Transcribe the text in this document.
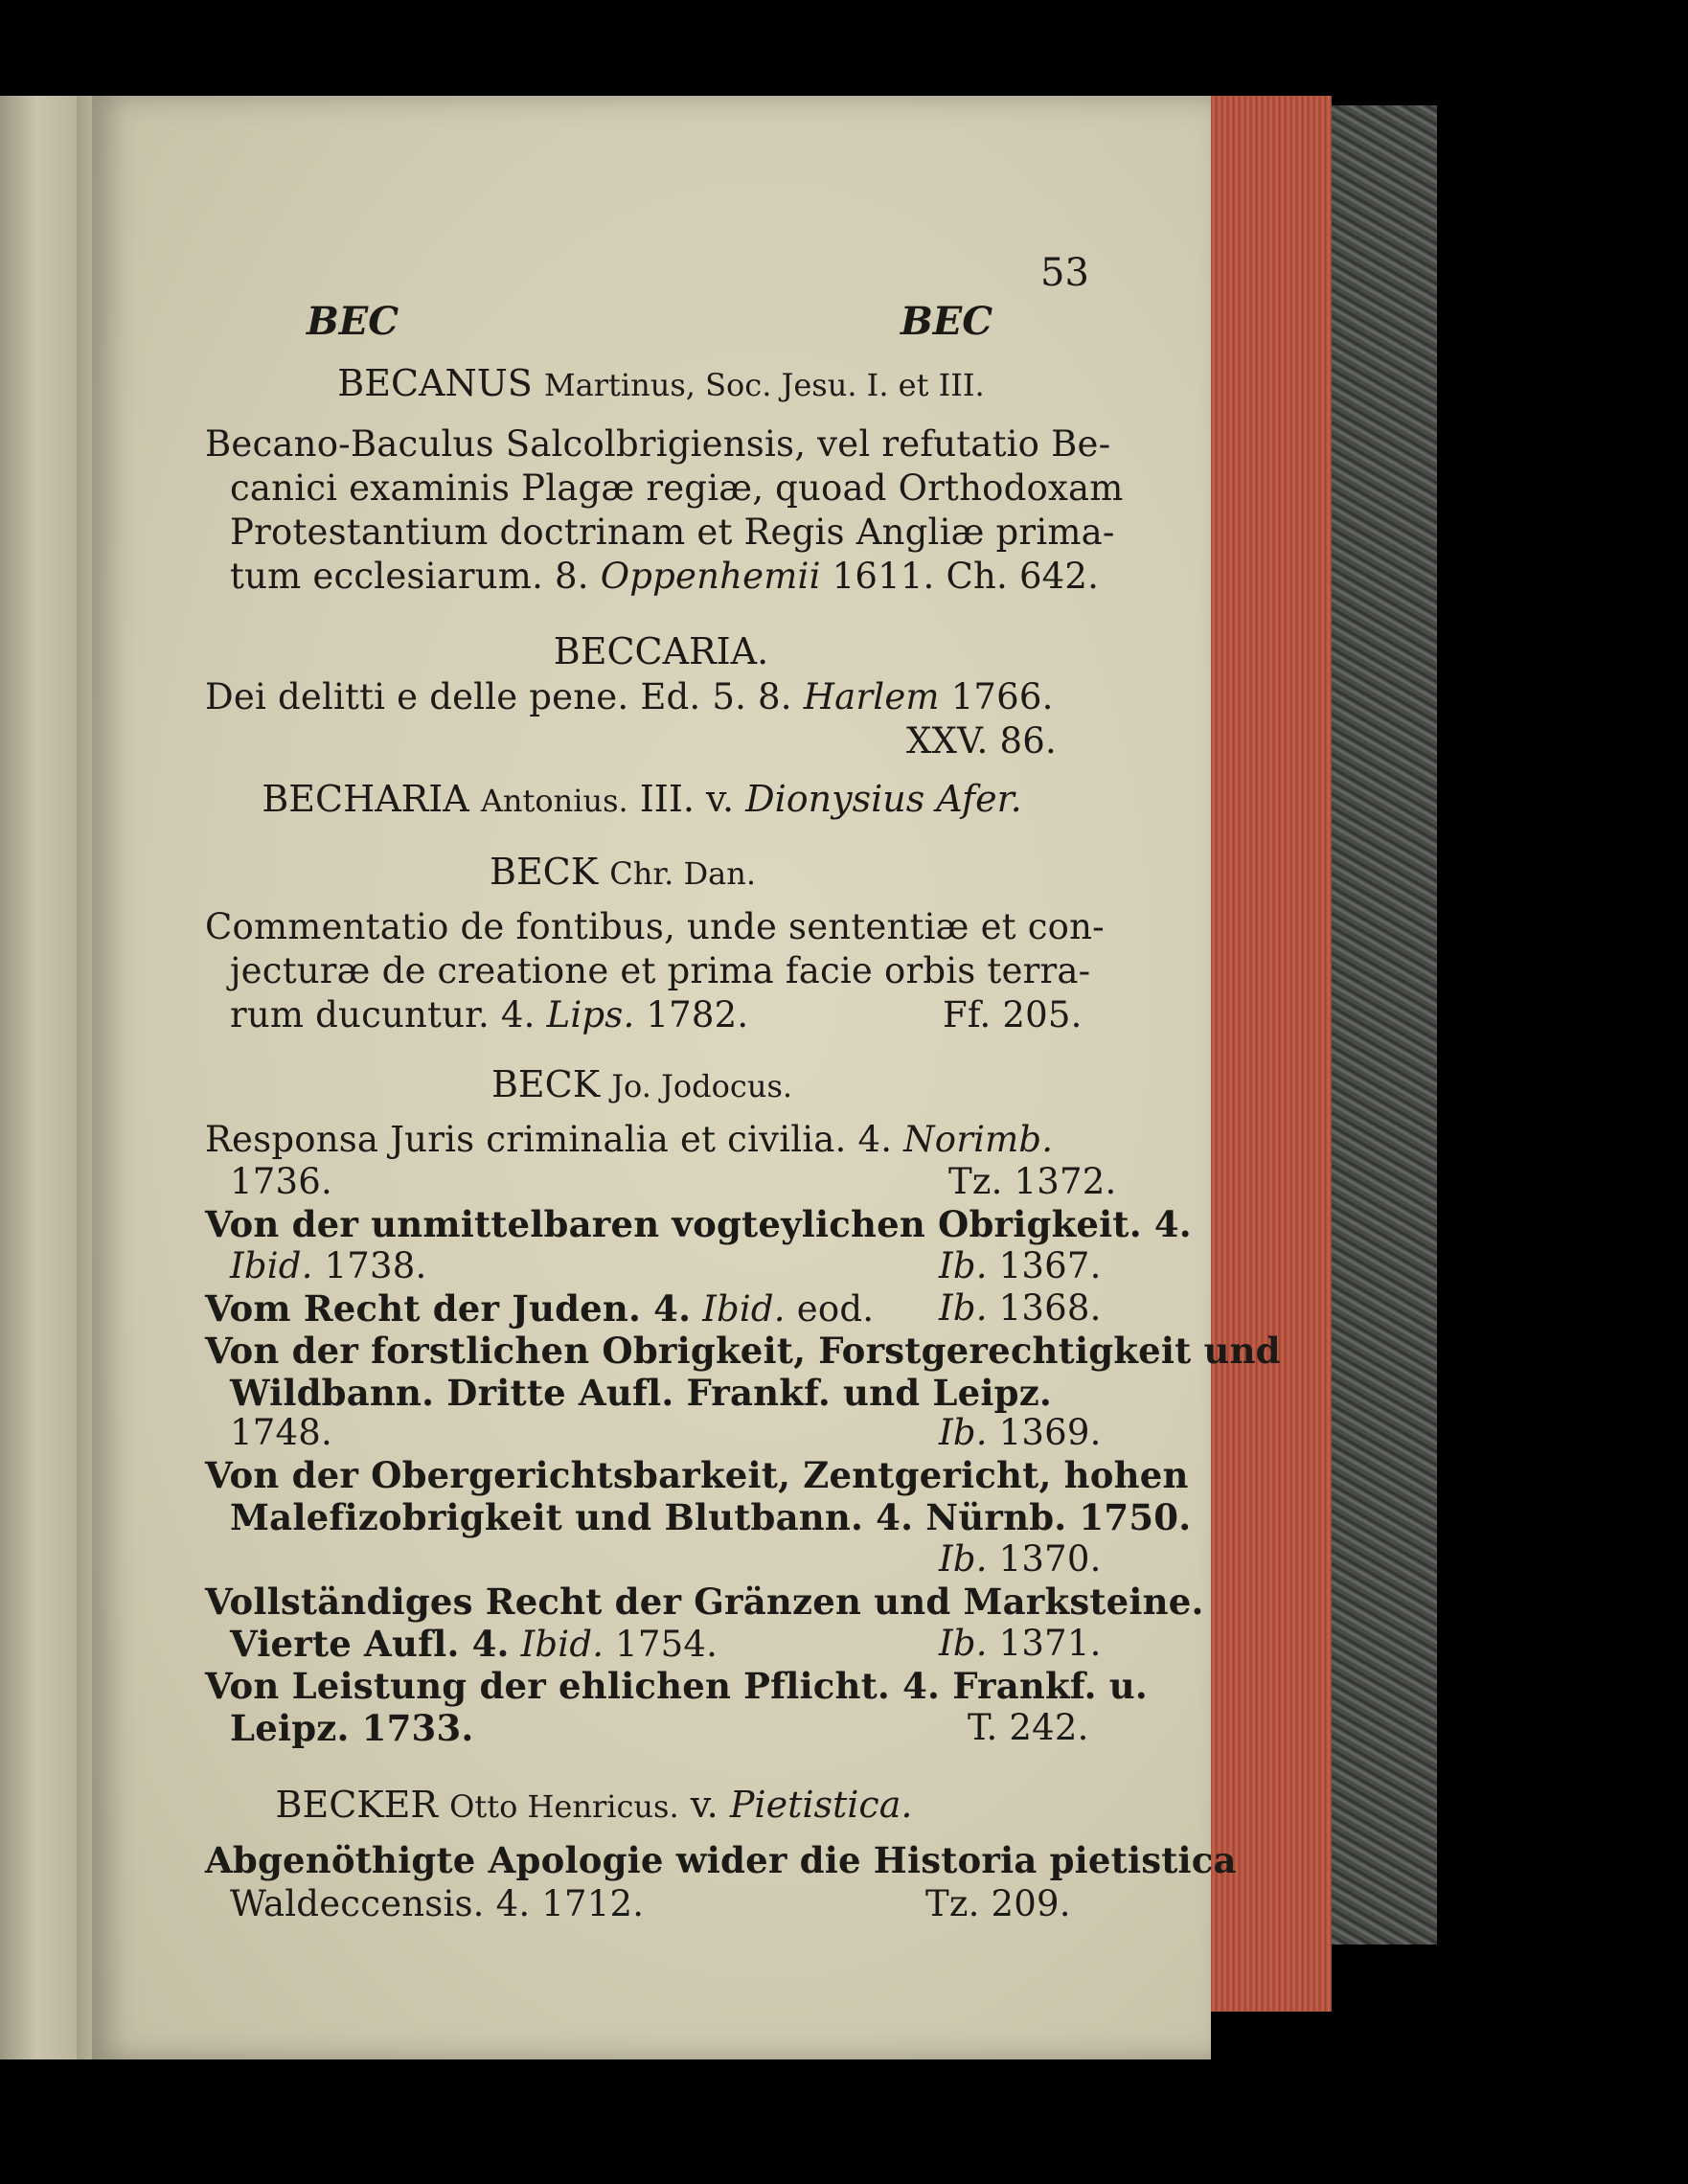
53
BEC	BEC
BECANUS Martinus, Soc. Jesu. I. et III.
Becano-Baculus Salcolbrigiensis, vel refutatio Be-
canici examinis Plagæ regiæ, quoad Orthodoxam
Protestantium doctrinam et Regis Angliæ prima-
tum ecclesiarum. 8. Oppenhemii 1611. Ch. 642.
BECCARIA.
Dei delitti e delle pene. Ed. 5. 8. Harlem 1766.
XXV. 86.
BECHARIA Antonius. III. v. Dionysius Afer.
BECK Chr. Dan.
Commentatio de fontibus, unde sententiæ et con-
jecturæ de creatione et prima facie orbis terra-
rum ducuntur. 4. Lips. 1782.	Ff. 205.
BECK Jo. Jodocus.
Responsa Juris criminalia et civilia. 4. Norimb.
1736.	Tz. 1372.
Von der unmittelbaren vogteylichen Obrigkeit. 4.
Ibid. 1738.	Ib. 1367.
Vom Recht der Juden. 4. Ibid. eod. Ib. 1368.
Von der forstlichen Obrigkeit, Forstgerechtigkeit und
Wildbann. Dritte Aufl. Frankf. und Leipz.
1748.	Ib. 1369.
Von der Obergerichtsbarkeit, Zentgericht, hohen
Malefizobrigkeit und Blutbann. 4. Nürnb. 1750.
Ib. 1370.
Vollständiges Recht der Gränzen und Marksteine.
Vierte Aufl. 4. Ibid. 1754.	Ib. 1371.
Von Leistung der ehlichen Pflicht. 4. Frankf. u.
Leipz. 1733.	T. 242.
BECKER Otto Henricus. v. Pietistica.
Abgenöthigte Apologie wider die Historia pietistica
Waldeccensis. 4. 1712.	Tz. 209.
